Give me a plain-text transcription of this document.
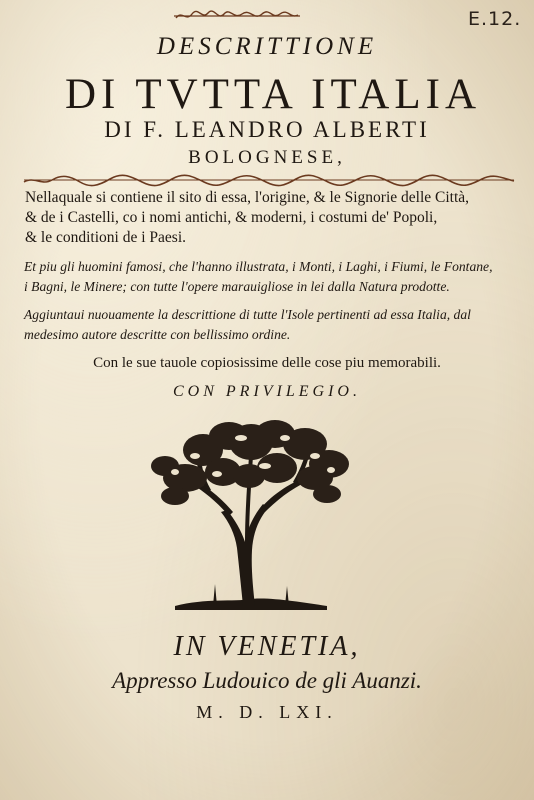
E.12.
DESCRITTIONE
DI TVTTA ITALIA
DI F. LEANDRO ALBERTI
BOLOGNESE,
Nellaquale si contiene il sito di essa, l'origine, & le Signorie delle Città,
& de i Castelli, co i nomi antichi, & moderni, i costumi de' Popoli,
& le conditioni de i Paesi.
Et piu gli huomini famosi, che l'hanno illustrata, i Monti, i Laghi, i Fiumi, le Fontane,
i Bagni, le Minere; con tutte l'opere marauigliose in lei dalla Natura prodotte.
Aggiuntaui nuouamente la descrittione di tutte l'Isole pertinenti ad essa Italia, dal
medesimo autore descritte con bellissimo ordine.
Con le sue tauole copiosissime delle cose piu memorabili.
CON PRIVILEGIO.
IN VENETIA,
Appresso Ludouico de gli Auanzi.
M. D. LXI.
